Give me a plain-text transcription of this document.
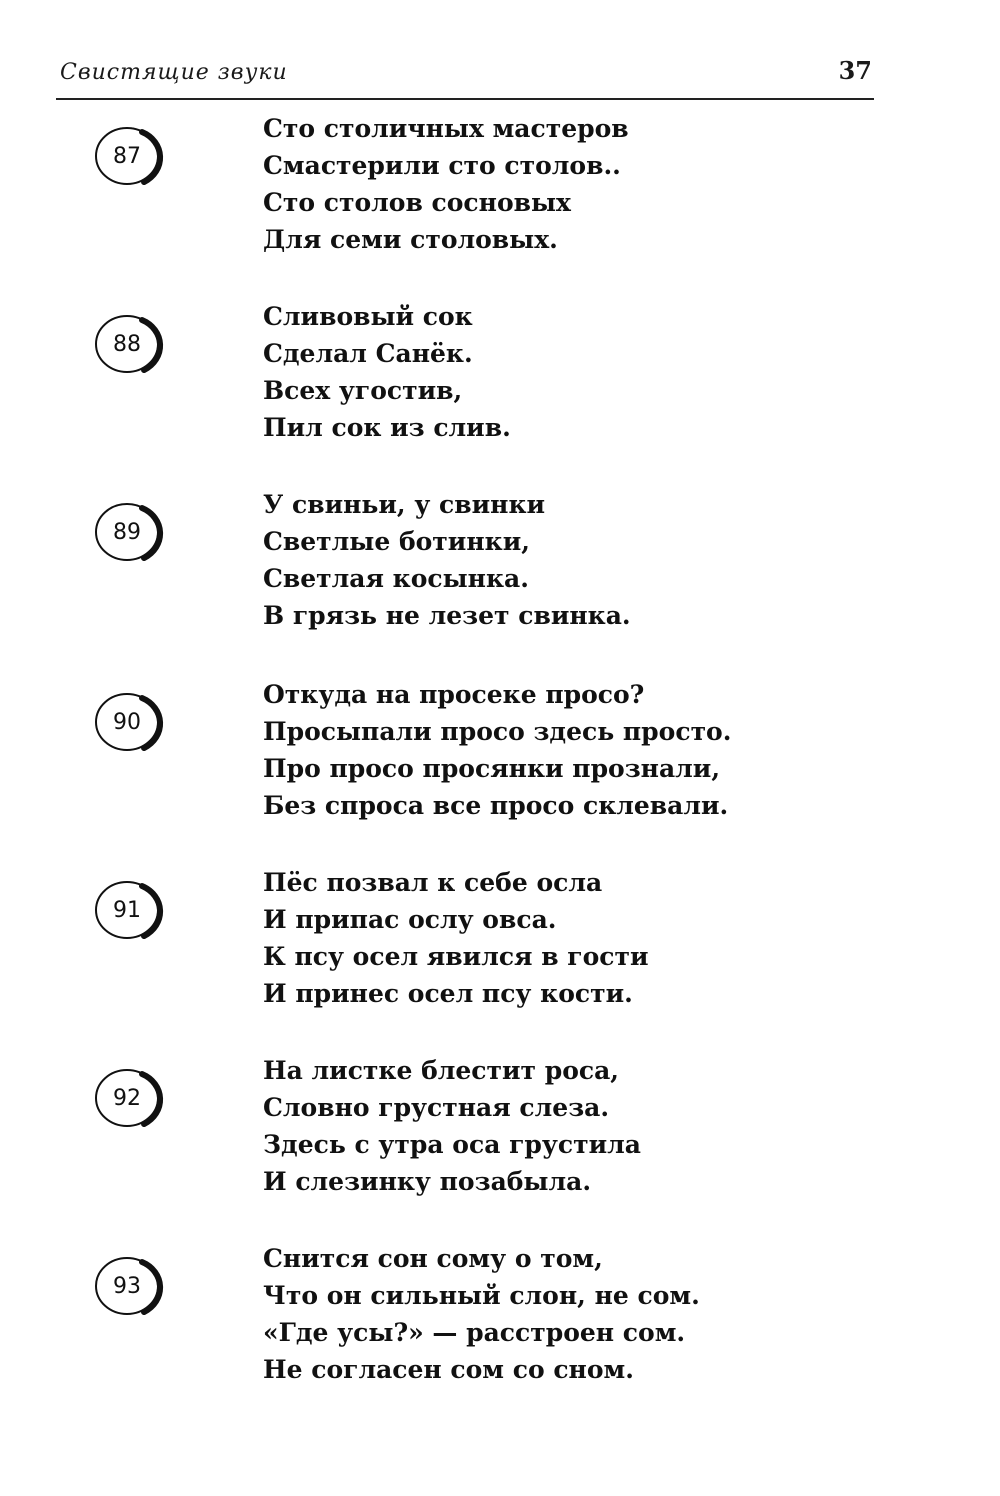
Свистящие звуки	37
87
Сто столичных мастеров
Смастерили сто столов..
Сто столов сосновых
Для семи столовых.
88
Сливовый сок
Сделал Санёк.
Всех угостив,
Пил сок из слив.
89
У свиньи, у свинки
Светлые ботинки,
Светлая косынка.
В грязь не лезет свинка.
90
Откуда на просеке просо?
Просыпали просо здесь просто.
Про просо просянки прознали,
Без спроса все просо склевали.
91
Пёс позвал к себе осла
И припас ослу овса.
К псу осел явился в гости
И принес осел псу кости.
92
На листке блестит роса,
Словно грустная слеза.
Здесь с утра оса грустила
И слезинку позабыла.
93
Снится сон сому о том,
Что он сильный слон, не сом.
«Где усы?» — расстроен сом.
Не согласен сом со сном.
